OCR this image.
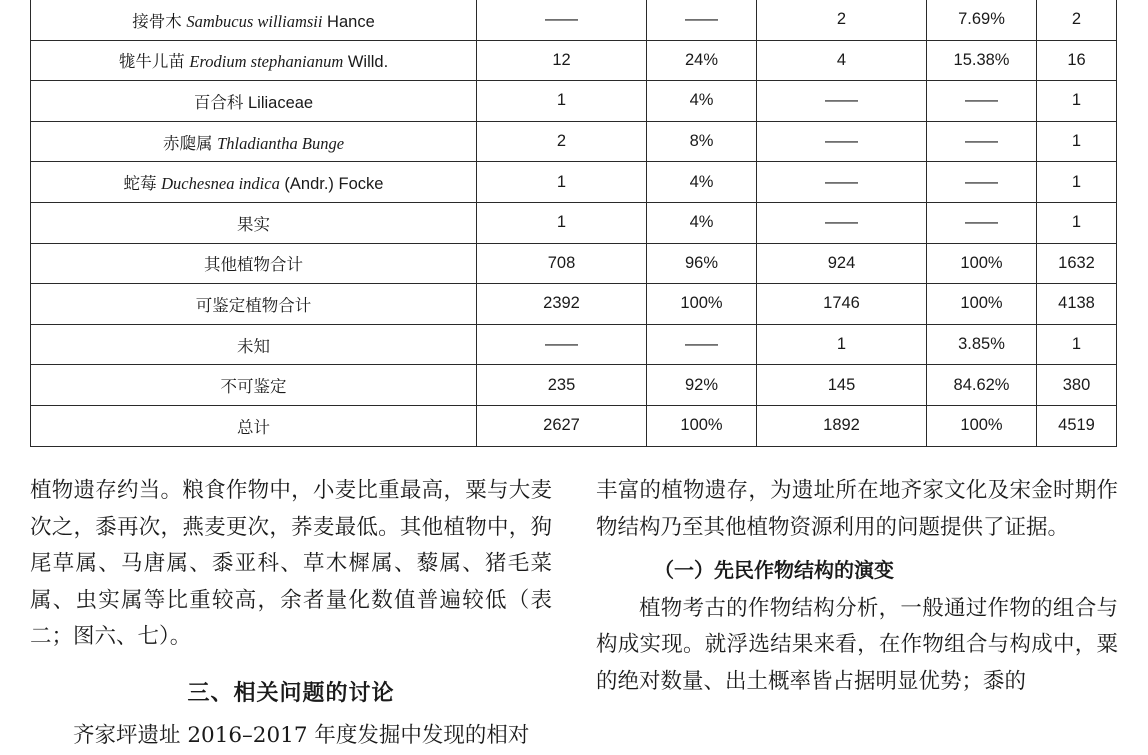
接骨木 Sambucus williamsii Hance	——	——	2	7.69%	2
牻牛儿苗 Erodium stephanianum Willd.	12	24%	4	15.38%	16
百合科 Liliaceae	1	4%	——	——	1
赤瓟属 Thladiantha Bunge	2	8%	——	——	1
蛇莓 Duchesnea indica (Andr.) Focke	1	4%	——	——	1
果实	1	4%	——	——	1
其他植物合计	708	96%	924	100%	1632
可鉴定植物合计	2392	100%	1746	100%	4138
未知	——	——	1	3.85%	1
不可鉴定	235	92%	145	84.62%	380
总计	2627	100%	1892	100%	4519

植物遗存约当。粮食作物中，小麦比重最高，粟与大麦次之，黍再次，燕麦更次，荞麦最低。其他植物中，狗尾草属、马唐属、黍亚科、草木樨属、藜属、猪毛菜属、虫实属等比重较高，余者量化数值普遍较低（表二；图六、七）。

三、相关问题的讨论

齐家坪遗址 2016–2017 年度发掘中发现的相对

丰富的植物遗存，为遗址所在地齐家文化及宋金时期作物结构乃至其他植物资源利用的问题提供了证据。

（一）先民作物结构的演变

植物考古的作物结构分析，一般通过作物的组合与构成实现。就浮选结果来看，在作物组合与构成中，粟的绝对数量、出土概率皆占据明显优势；黍的
